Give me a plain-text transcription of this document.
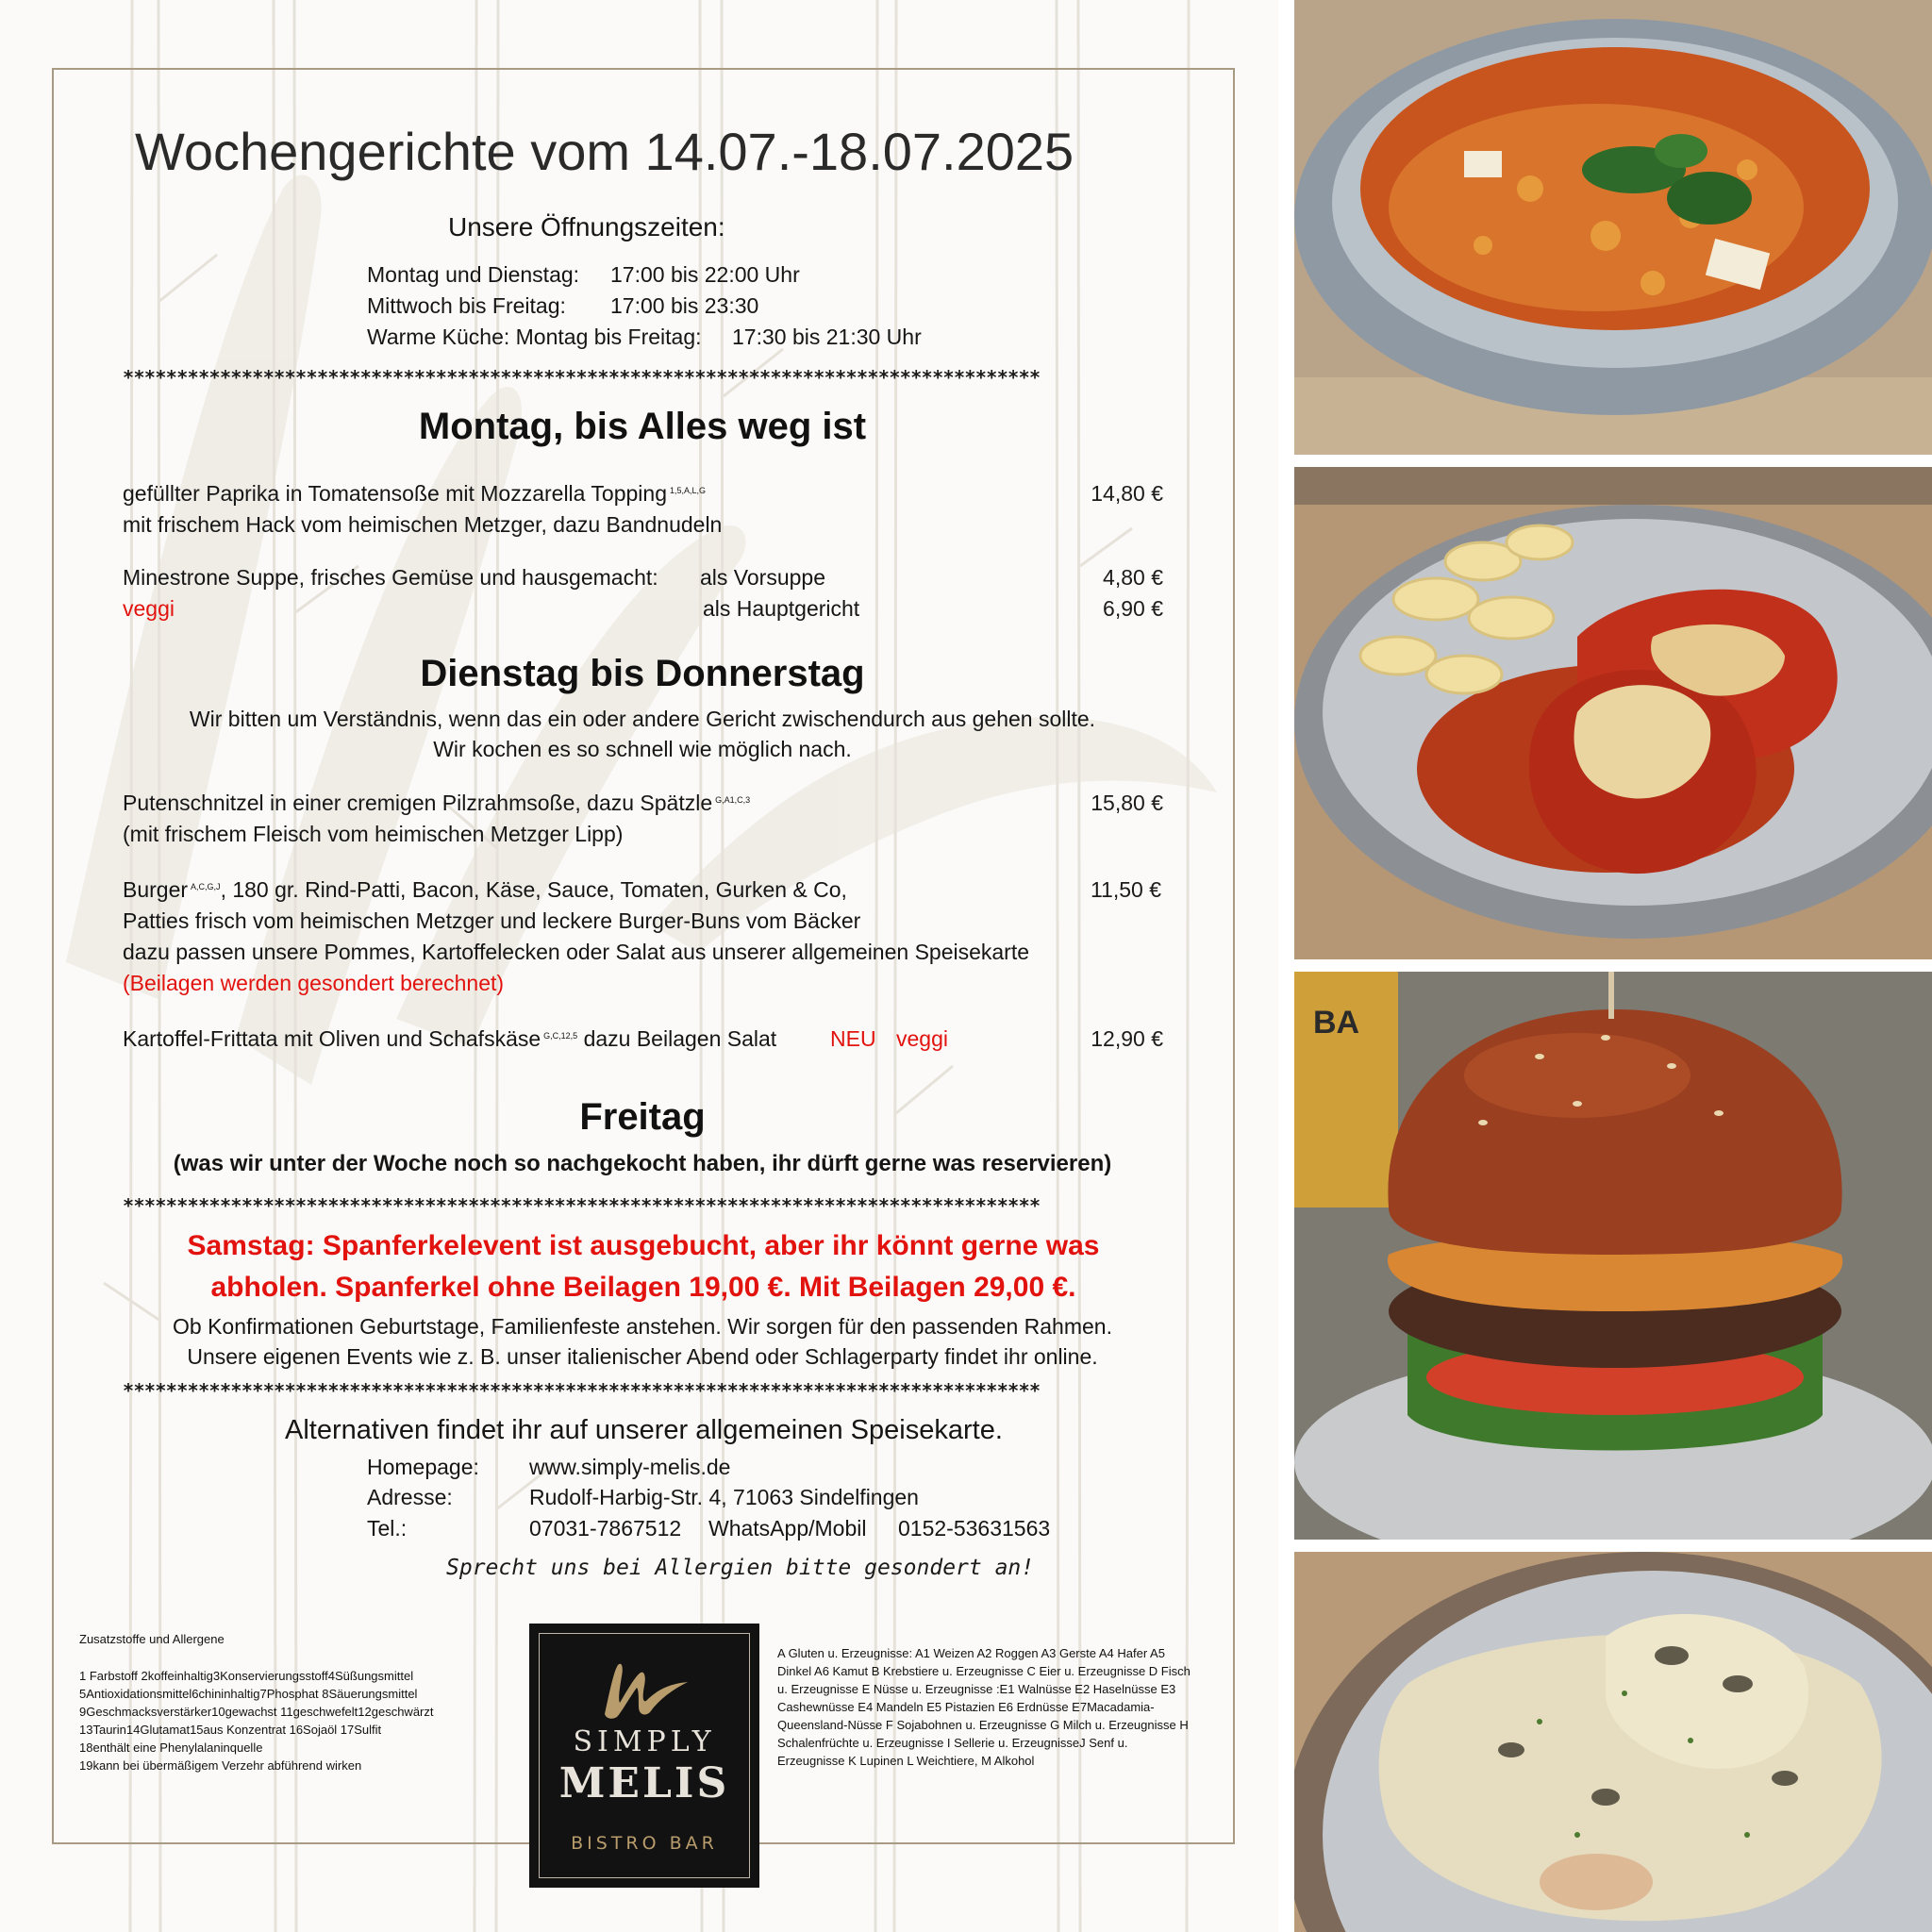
Wochengerichte vom 14.07.-18.07.2025
Unsere Öffnungszeiten:
Montag und Dienstag: 17:00 bis 22:00 Uhr
Mittwoch bis Freitag: 17:00 bis 23:30
Warme Küche: Montag bis Freitag: 17:30 bis 21:30 Uhr
*************************************************************************************
Montag, bis Alles weg ist
gefüllter Paprika in Tomatensoße mit Mozzarella Topping $^{1,5,A,L,G}$
mit frischem Hack vom heimischen Metzger, dazu Bandnudeln
14,80 €
Minestrone Suppe, frisches Gemüse und hausgemacht: als Vorsuppe	4,80 €
veggi	als Hauptgericht	6,90 €
Dienstag bis Donnerstag
Wir bitten um Verständnis, wenn das ein oder andere Gericht zwischendurch aus gehen sollte.
Wir kochen es so schnell wie möglich nach.
Putenschnitzel in einer cremigen Pilzrahmsoße, dazu Spätzle $^{G,A1,C,3}$
(mit frischem Fleisch vom heimischen Metzger Lipp)
15,80 €
Burger $^{A,C,G,J}$, 180 gr. Rind-Patti, Bacon, Käse, Sauce, Tomaten, Gurken & Co,	11,50 €
Patties frisch vom heimischen Metzger und leckere Burger-Buns vom Bäcker
dazu passen unsere Pommes, Kartoffelecken oder Salat aus unserer allgemeinen Speisekarte
(Beilagen werden gesondert berechnet)
Kartoffel-Frittata mit Oliven und Schafskäse $^{G,C,12,5}$ dazu Beilagen Salat NEU veggi	12,90 €
Freitag
(was wir unter der Woche noch so nachgekocht haben, ihr dürft gerne was reservieren)
*************************************************************************************
Samstag: Spanferkelevent ist ausgebucht, aber ihr könnt gerne was
abholen. Spanferkel ohne Beilagen 19,00 €. Mit Beilagen 29,00 €.
Ob Konfirmationen Geburtstage, Familienfeste anstehen. Wir sorgen für den passenden Rahmen.
Unsere eigenen Events wie z. B. unser italienischer Abend oder Schlagerparty findet ihr online.
*************************************************************************************
Alternativen findet ihr auf unserer allgemeinen Speisekarte.
Homepage: www.simply-melis.de
Adresse:	Rudolf-Harbig-Str. 4, 71063 Sindelfingen
Tel.:	07031-7867512 WhatsApp/Mobil 0152-53631563
Sprecht uns bei Allergien bitte gesondert an!
Zusatzstoffe und Allergene
1 Farbstoff 2koffeinhaltig3Konservierungsstoff4Süßungsmittel
5Antioxidationsmittel6chininhaltig7Phosphat 8Säuerungsmittel
9Geschmacksverstärker10gewachst 11geschwefelt12geschwärzt
13Taurin14Glutamat15aus Konzentrat 16Sojaöl 17Sulfit
18enthält eine Phenylalaninquelle
19kann bei übermäßigem Verzehr abführend wirken
SIMPLY
MELIS
BISTRO BAR
A Gluten u. Erzeugnisse: A1 Weizen A2 Roggen A3 Gerste A4 Hafer A5 Dinkel A6 Kamut B Krebstiere u. Erzeugnisse C Eier u. Erzeugnisse D Fisch u. Erzeugnisse E Nüsse u. Erzeugnisse :E1 Walnüsse E2 Haselnüsse E3 Cashewnüsse E4 Mandeln E5 Pistazien E6 Erdnüsse E7Macadamia-Queensland-Nüsse F Sojabohnen u. Erzeugnisse G Milch u. Erzeugnisse H Schalenfrüchte u. Erzeugnisse I Sellerie u. ErzeugnisseJ Senf u. Erzeugnisse K Lupinen L Weichtiere, M Alkohol
BA
